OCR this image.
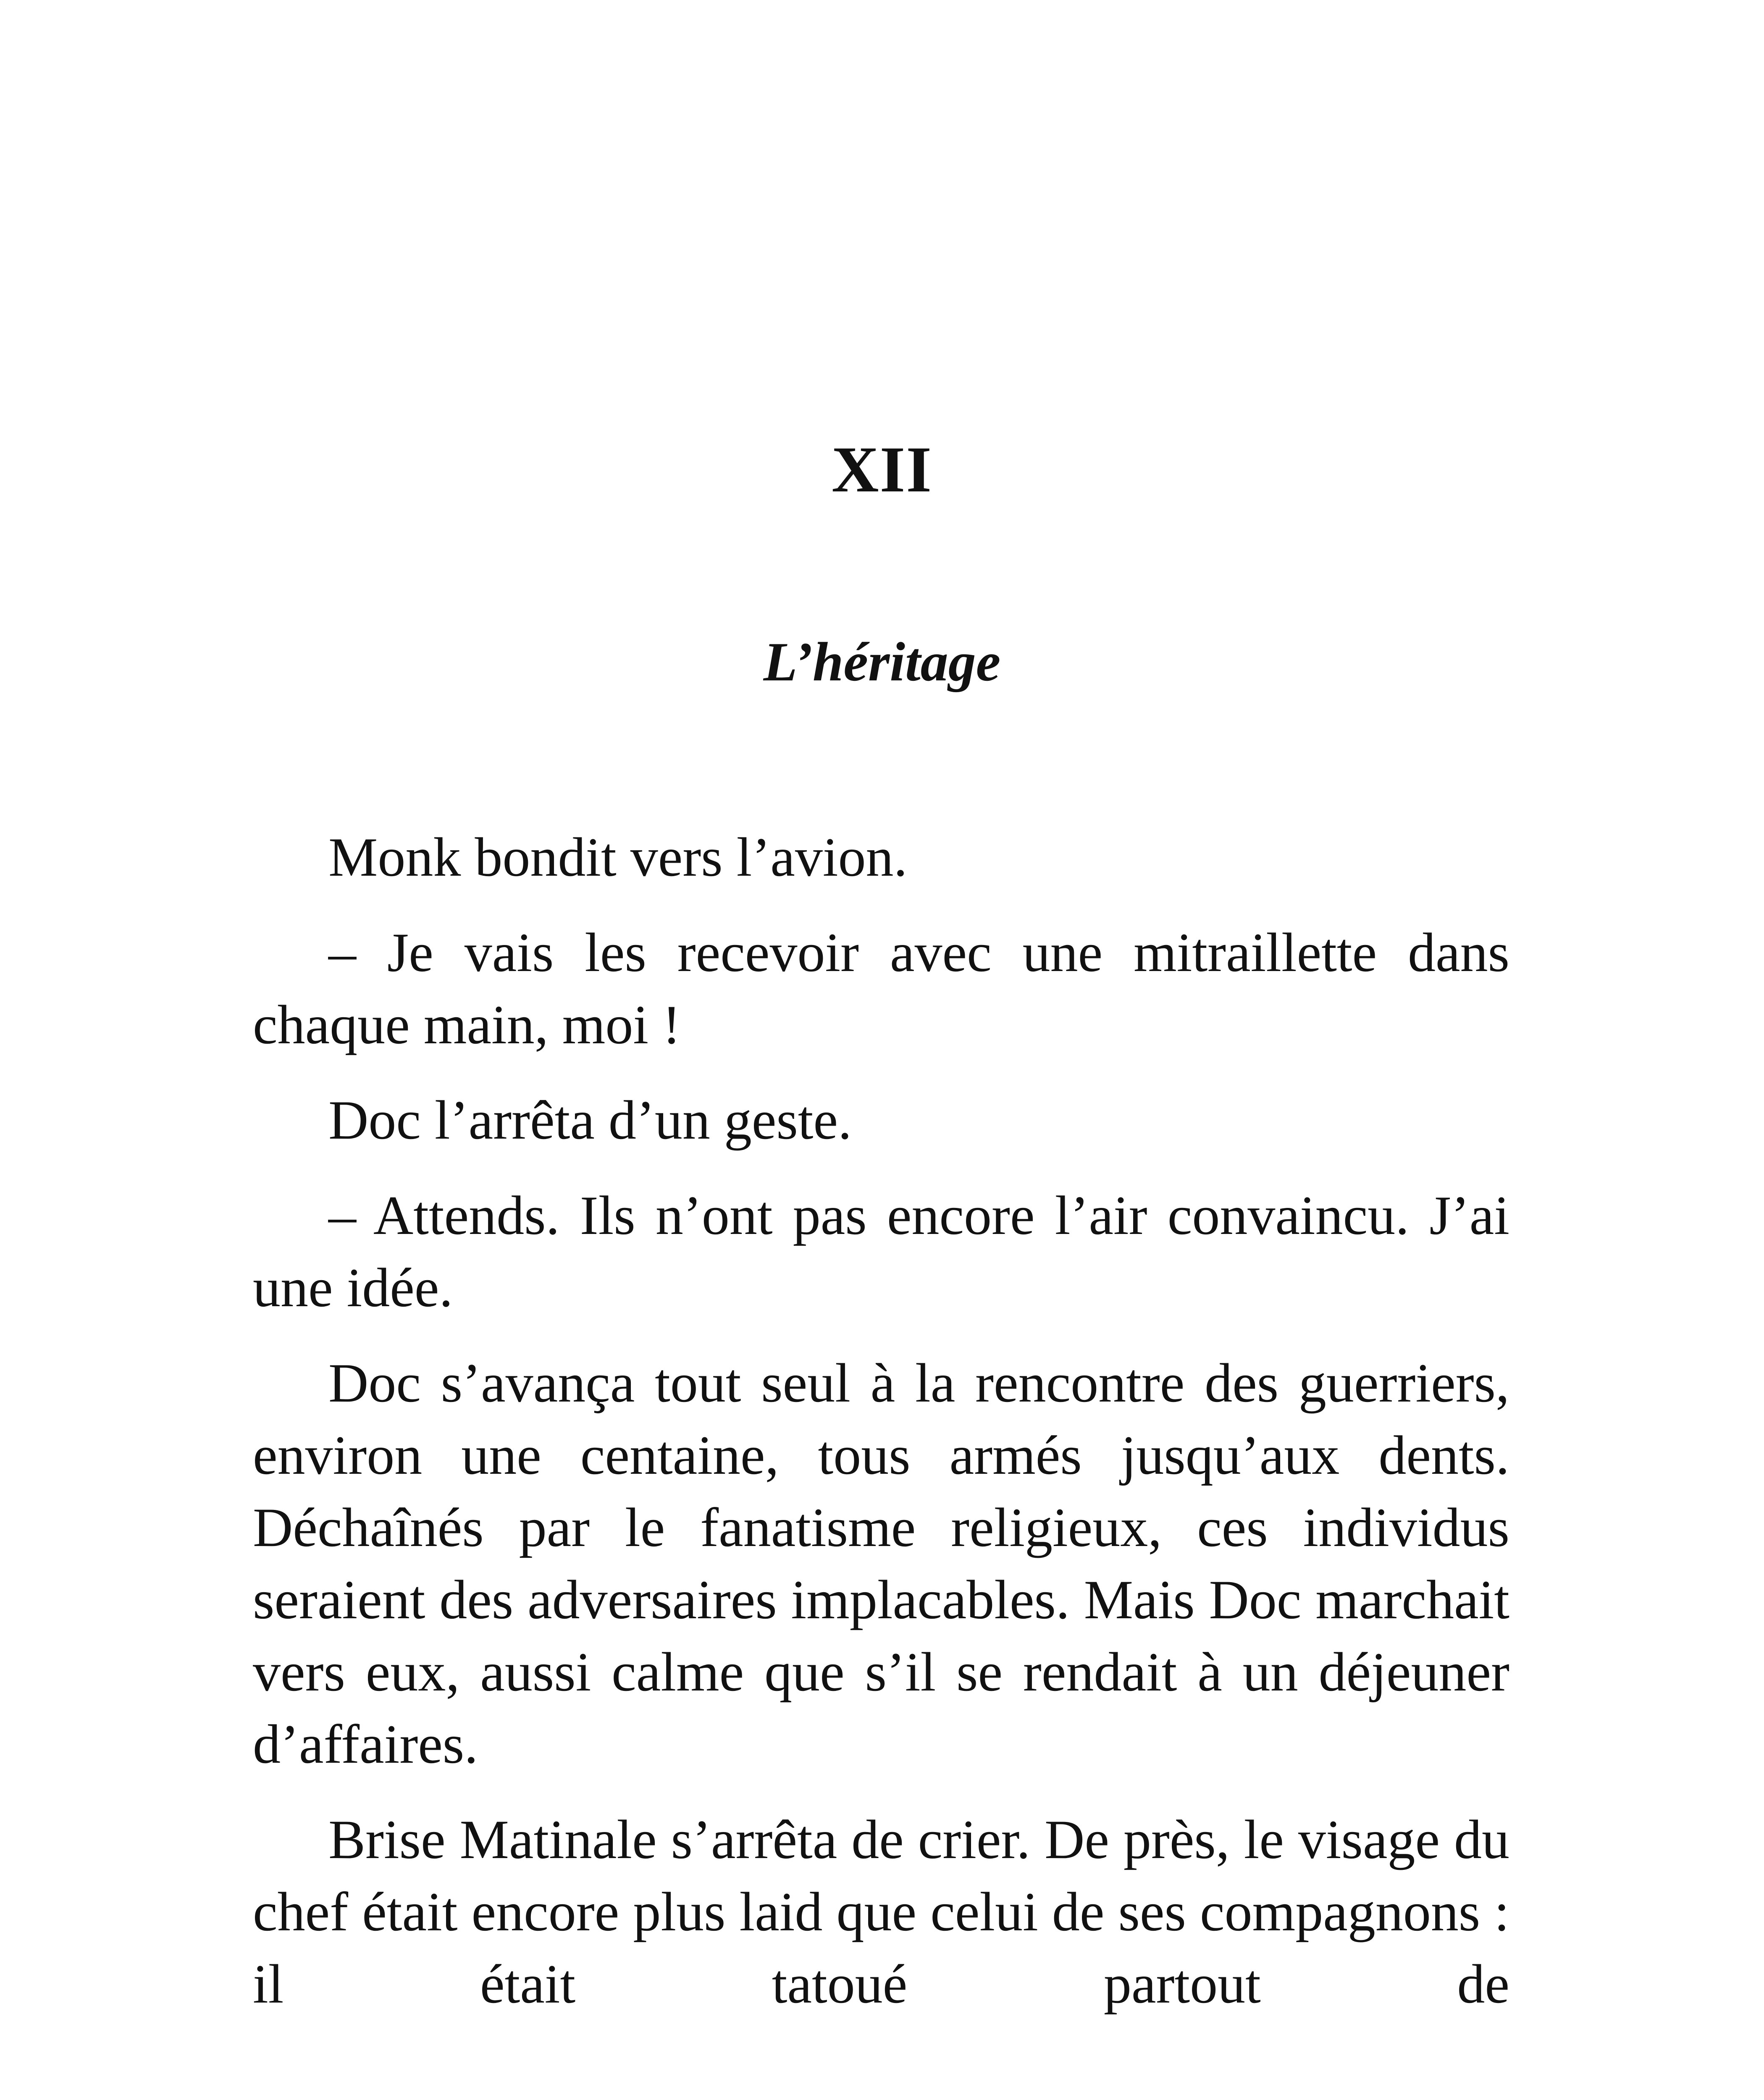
XII
L’héritage

Monk bondit vers l’avion.

– Je vais les recevoir avec une mitraillette dans chaque main, moi !

Doc l’arrêta d’un geste.

– Attends. Ils n’ont pas encore l’air convaincu. J’ai une idée.

Doc s’avança tout seul à la rencontre des guerriers, environ une centaine, tous armés jusqu’aux dents. Déchaînés par le fanatisme religieux, ces individus seraient des adversaires implacables. Mais Doc marchait vers eux, aussi calme que s’il se rendait à un déjeuner d’affaires.

Brise Matinale s’arrêta de crier. De près, le visage du chef était encore plus laid que celui de ses compagnons : il était tatoué partout de
